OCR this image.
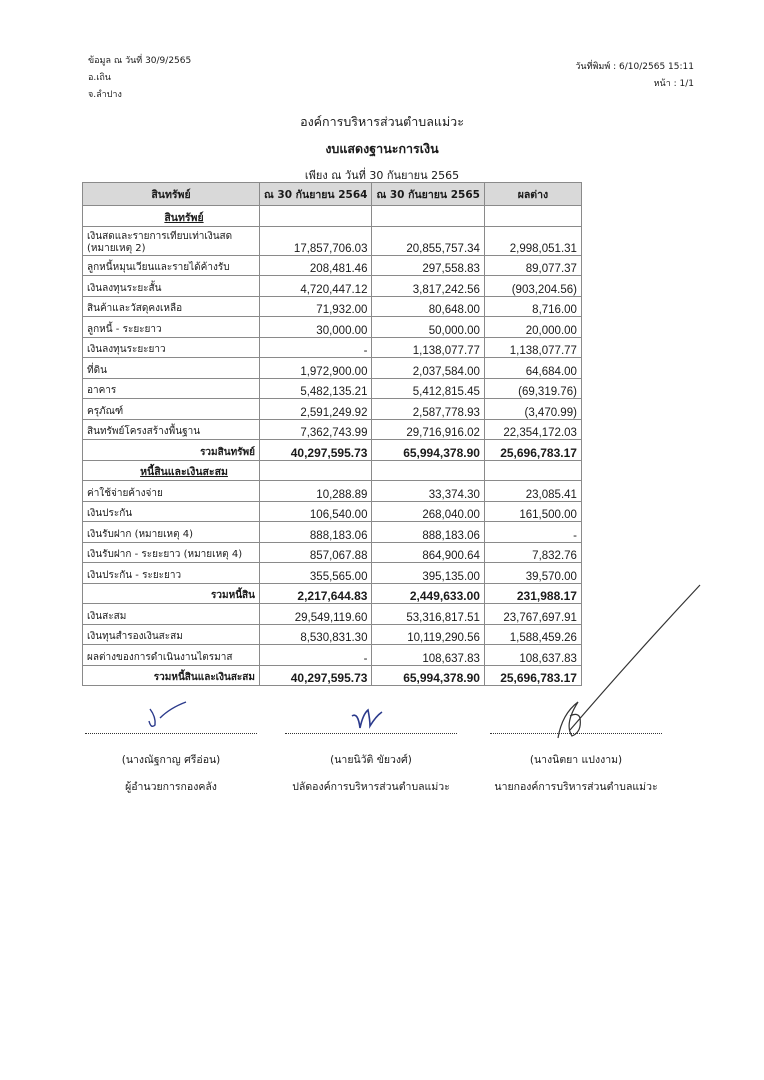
ข้อมูล ณ วันที่ 30/9/2565
อ.เถิน
จ.ลำปาง
วันที่พิมพ์ : 6/10/2565 15:11
หน้า : 1/1
องค์การบริหารส่วนตำบลแม่วะ
งบแสดงฐานะการเงิน
เพียง ณ วันที่ 30 กันยายน 2565
สินทรัพย์	ณ 30 กันยายน 2564	ณ 30 กันยายน 2565	ผลต่าง
สินทรัพย์			
เงินสดและรายการเทียบเท่าเงินสด (หมายเหตุ 2)	17,857,706.03	20,855,757.34	2,998,051.31
ลูกหนี้หมุนเวียนและรายได้ค้างรับ	208,481.46	297,558.83	89,077.37
เงินลงทุนระยะสั้น	4,720,447.12	3,817,242.56	(903,204.56)
สินค้าและวัสดุคงเหลือ	71,932.00	80,648.00	8,716.00
ลูกหนี้ - ระยะยาว	30,000.00	50,000.00	20,000.00
เงินลงทุนระยะยาว	-	1,138,077.77	1,138,077.77
ที่ดิน	1,972,900.00	2,037,584.00	64,684.00
อาคาร	5,482,135.21	5,412,815.45	(69,319.76)
ครุภัณฑ์	2,591,249.92	2,587,778.93	(3,470.99)
สินทรัพย์โครงสร้างพื้นฐาน	7,362,743.99	29,716,916.02	22,354,172.03
รวมสินทรัพย์	40,297,595.73	65,994,378.90	25,696,783.17
หนี้สินและเงินสะสม			
ค่าใช้จ่ายค้างจ่าย	10,288.89	33,374.30	23,085.41
เงินประกัน	106,540.00	268,040.00	161,500.00
เงินรับฝาก (หมายเหตุ 4)	888,183.06	888,183.06	-
เงินรับฝาก - ระยะยาว (หมายเหตุ 4)	857,067.88	864,900.64	7,832.76
เงินประกัน - ระยะยาว	355,565.00	395,135.00	39,570.00
รวมหนี้สิน	2,217,644.83	2,449,633.00	231,988.17
เงินสะสม	29,549,119.60	53,316,817.51	23,767,697.91
เงินทุนสำรองเงินสะสม	8,530,831.30	10,119,290.56	1,588,459.26
ผลต่างของการดำเนินงานไตรมาส	-	108,637.83	108,637.83
รวมหนี้สินและเงินสะสม	40,297,595.73	65,994,378.90	25,696,783.17
(นางณัฐกาญ ศรีอ่อน)	(นายนิวัติ ขัยวงศ์)	(นางนิตยา แปงงาม)
ผู้อำนวยการกองคลัง	ปลัดองค์การบริหารส่วนตำบลแม่วะ	นายกองค์การบริหารส่วนตำบลแม่วะ
